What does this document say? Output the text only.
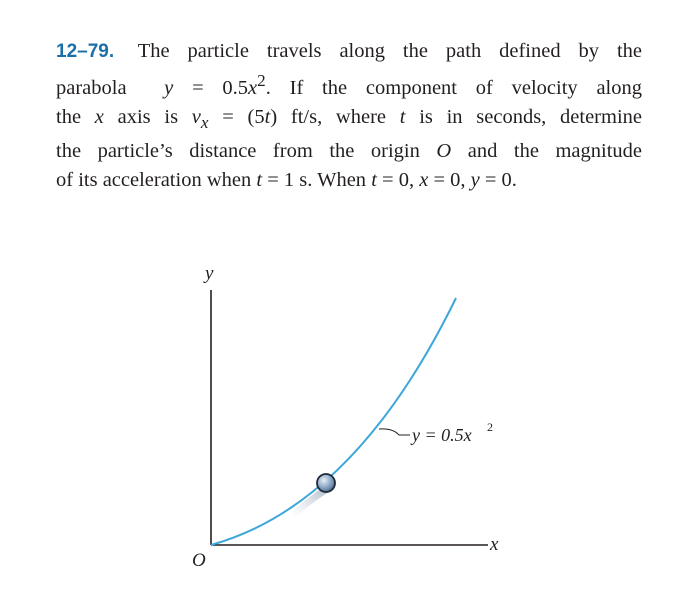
12–79. The particle travels along the path defined by the
parabola $y = 0.5x^2$. If the component of velocity along
the x axis is $v_x = (5t)$ ft/s, where t is in seconds, determine
the particle’s distance from the origin O and the magnitude
of its acceleration when t = 1 s. When t = 0, x = 0, y = 0.
y
x
O
y = 0.5x 2
